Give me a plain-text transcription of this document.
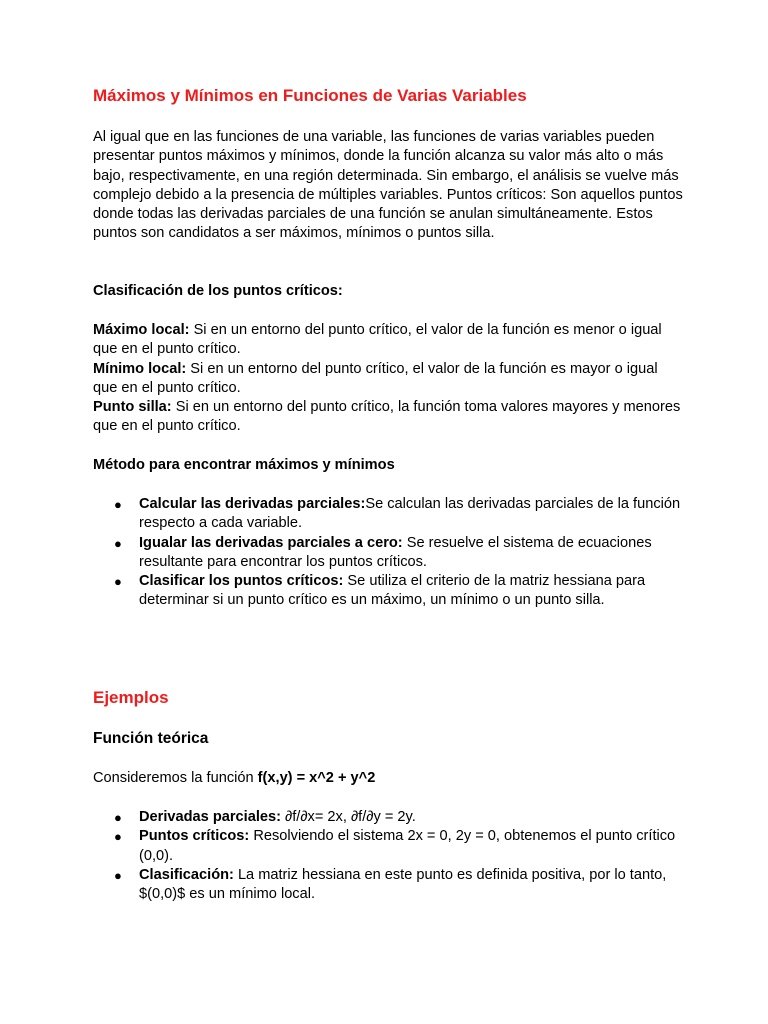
Máximos y Mínimos en Funciones de Varias Variables

Al igual que en las funciones de una variable, las funciones de varias variables pueden presentar puntos máximos y mínimos, donde la función alcanza su valor más alto o más bajo, respectivamente, en una región determinada. Sin embargo, el análisis se vuelve más complejo debido a la presencia de múltiples variables. Puntos críticos: Son aquellos puntos donde todas las derivadas parciales de una función se anulan simultáneamente. Estos puntos son candidatos a ser máximos, mínimos o puntos silla.

Clasificación de los puntos críticos:

Máximo local: Si en un entorno del punto crítico, el valor de la función es menor o igual que en el punto crítico.

Mínimo local: Si en un entorno del punto crítico, el valor de la función es mayor o igual que en el punto crítico.

Punto silla: Si en un entorno del punto crítico, la función toma valores mayores y menores que en el punto crítico.

Método para encontrar máximos y mínimos
● Calcular las derivadas parciales:Se calculan las derivadas parciales de la función respecto a cada variable.
● Igualar las derivadas parciales a cero: Se resuelve el sistema de ecuaciones resultante para encontrar los puntos críticos.
● Clasificar los puntos críticos: Se utiliza el criterio de la matriz hessiana para determinar si un punto crítico es un máximo, un mínimo o un punto silla.
Ejemplos
Función teórica

Consideremos la función f(x,y) = x^2 + y^2

● Derivadas parciales: ∂f/∂x= 2x, ∂f/∂y = 2y.
● Puntos críticos: Resolviendo el sistema 2x = 0, 2y = 0, obtenemos el punto crítico (0,0).
● Clasificación: La matriz hessiana en este punto es definida positiva, por lo tanto, $(0,0)$ es un mínimo local.
